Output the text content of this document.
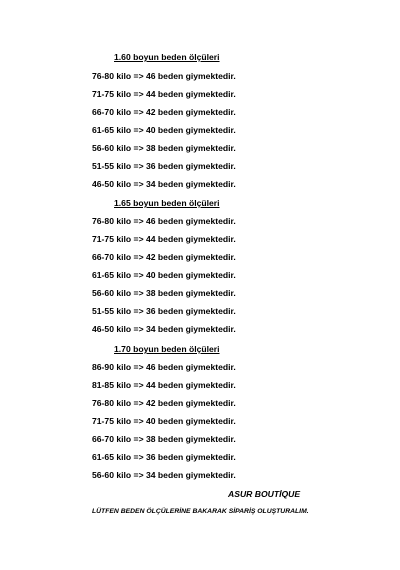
1.60 boyun beden ölçüleri
76-80 kilo => 46 beden giymektedir.
71-75 kilo => 44 beden giymektedir.
66-70 kilo => 42 beden giymektedir.
61-65 kilo => 40 beden giymektedir.
56-60 kilo => 38 beden giymektedir.
51-55 kilo => 36 beden giymektedir.
46-50 kilo => 34 beden giymektedir.
1.65 boyun beden ölçüleri
76-80 kilo => 46 beden giymektedir.
71-75 kilo => 44 beden giymektedir.
66-70 kilo => 42 beden giymektedir.
61-65 kilo => 40 beden giymektedir.
56-60 kilo => 38 beden giymektedir.
51-55 kilo => 36 beden giymektedir.
46-50 kilo => 34 beden giymektedir.
1.70 boyun beden ölçüleri
86-90 kilo => 46 beden giymektedir.
81-85 kilo => 44 beden giymektedir.
76-80 kilo => 42 beden giymektedir.
71-75 kilo => 40 beden giymektedir.
66-70 kilo => 38 beden giymektedir.
61-65 kilo => 36 beden giymektedir.
56-60 kilo => 34 beden giymektedir.
ASUR BOUTİQUE
LÜTFEN BEDEN ÖLÇÜLERİNE BAKARAK SİPARİŞ OLUŞTURALIM.
